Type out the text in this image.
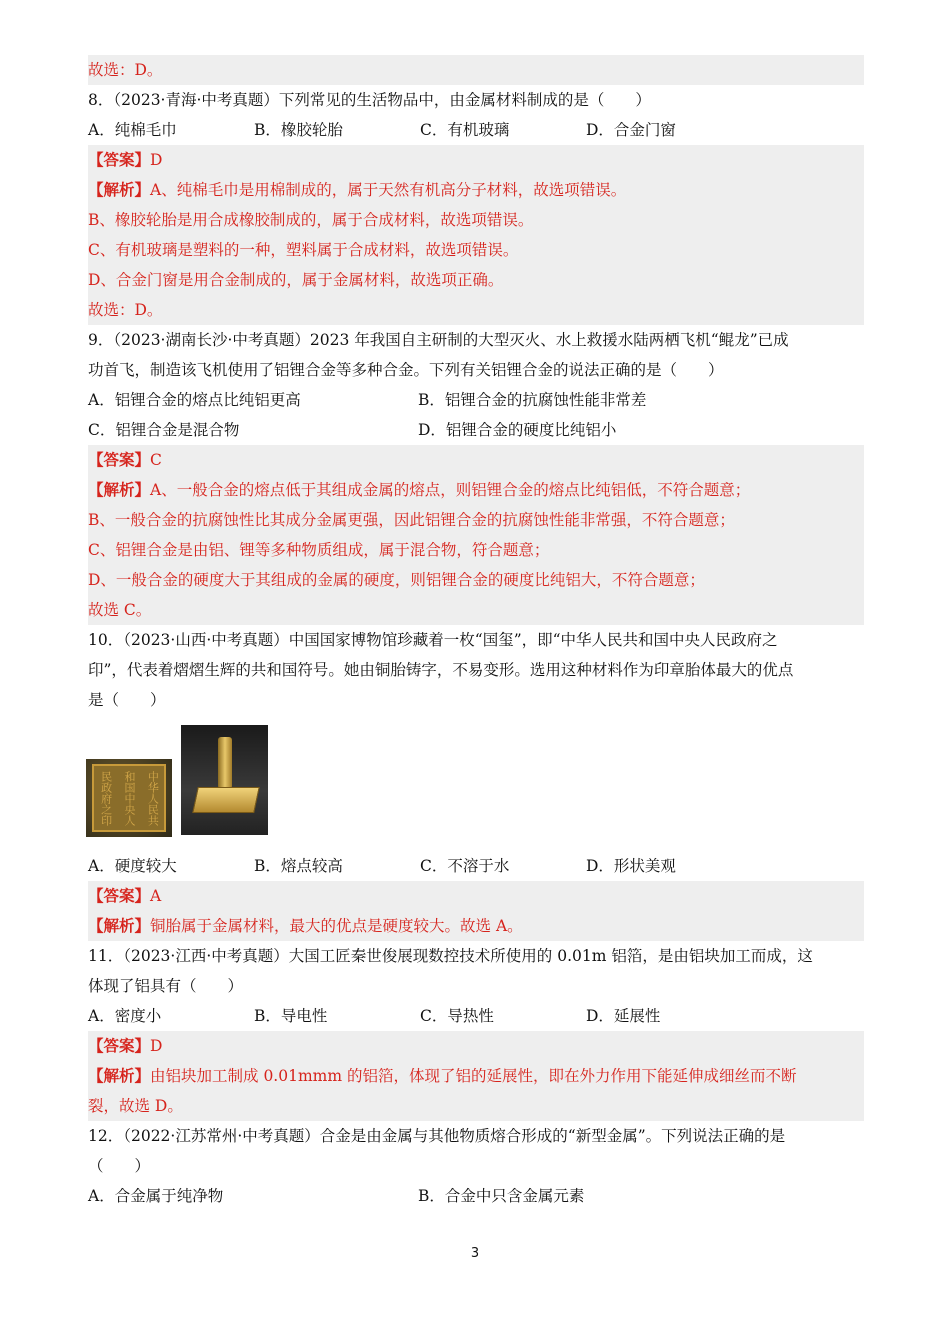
故选：D。
8．（2023·青海·中考真题）下列常见的生活物品中，由金属材料制成的是（　　）
A．纯棉毛巾	B．橡胶轮胎	C．有机玻璃	D．合金门窗
【答案】D
【解析】A、纯棉毛巾是用棉制成的，属于天然有机高分子材料，故选项错误。
B、橡胶轮胎是用合成橡胶制成的，属于合成材料，故选项错误。
C、有机玻璃是塑料的一种，塑料属于合成材料，故选项错误。
D、合金门窗是用合金制成的，属于金属材料，故选项正确。
故选：D。
9．（2023·湖南长沙·中考真题）2023 年我国自主研制的大型灭火、水上救援水陆两栖飞机“鲲龙”已成
功首飞，制造该飞机使用了铝锂合金等多种合金。下列有关铝锂合金的说法正确的是（　　）
A．铝锂合金的熔点比纯铝更高	B．铝锂合金的抗腐蚀性能非常差
C．铝锂合金是混合物	D．铝锂合金的硬度比纯铝小
【答案】C
【解析】A、一般合金的熔点低于其组成金属的熔点，则铝锂合金的熔点比纯铝低，不符合题意；
B、一般合金的抗腐蚀性比其成分金属更强，因此铝锂合金的抗腐蚀性能非常强，不符合题意；
C、铝锂合金是由铝、锂等多种物质组成，属于混合物，符合题意；
D、一般合金的硬度大于其组成的金属的硬度，则铝锂合金的硬度比纯铝大，不符合题意；
故选 C。
10．（2023·山西·中考真题）中国国家博物馆珍藏着一枚“国玺”，即“中华人民共和国中央人民政府之
印”，代表着熠熠生辉的共和国符号。她由铜胎铸字，不易变形。选用这种材料作为印章胎体最大的优点
是（　　）
民政府之印 和国中央人 中华人民共
A．硬度较大	B．熔点较高	C．不溶于水	D．形状美观
【答案】A
【解析】铜胎属于金属材料，最大的优点是硬度较大。故选 A。
11．（2023·江西·中考真题）大国工匠秦世俊展现数控技术所使用的 0.01m 铝箔，是由铝块加工而成，这
体现了铝具有（　　）
A．密度小	B．导电性	C．导热性	D．延展性
【答案】D
【解析】由铝块加工制成 0.01mmm 的铝箔，体现了铝的延展性，即在外力作用下能延伸成细丝而不断
裂，故选 D。
12．（2022·江苏常州·中考真题）合金是由金属与其他物质熔合形成的“新型金属”。下列说法正确的是
（　　）
A．合金属于纯净物	B．合金中只含金属元素
3
